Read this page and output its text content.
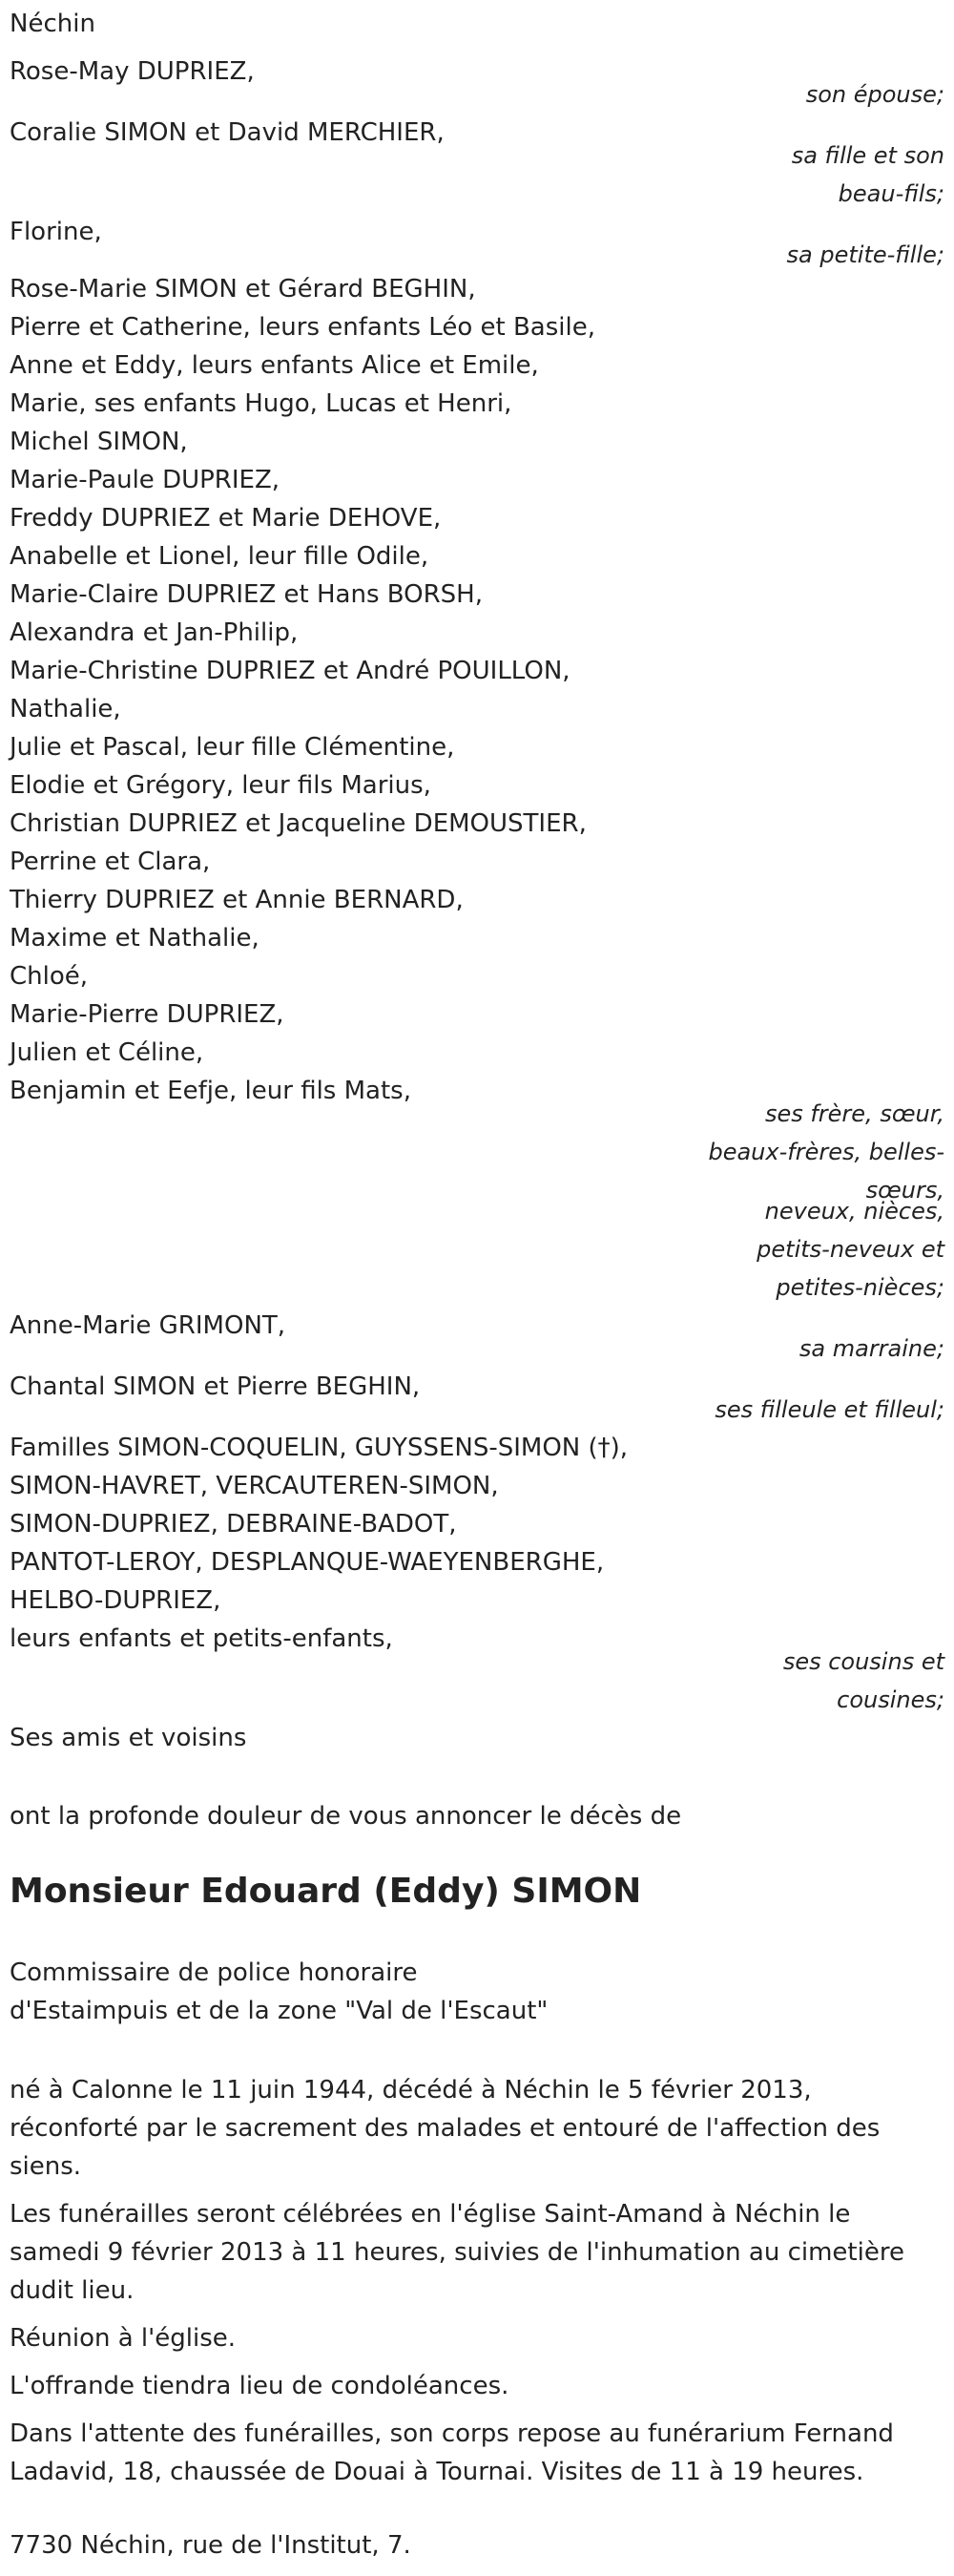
Néchin
Rose-May DUPRIEZ,
son épouse;
Coralie SIMON et David MERCHIER,
sa fille et son
beau-fils;
Florine,
sa petite-fille;
Rose-Marie SIMON et Gérard BEGHIN,
Pierre et Catherine, leurs enfants Léo et Basile,
Anne et Eddy, leurs enfants Alice et Emile,
Marie, ses enfants Hugo, Lucas et Henri,
Michel SIMON,
Marie-Paule DUPRIEZ,
Freddy DUPRIEZ et Marie DEHOVE,
Anabelle et Lionel, leur fille Odile,
Marie-Claire DUPRIEZ et Hans BORSH,
Alexandra et Jan-Philip,
Marie-Christine DUPRIEZ et André POUILLON,
Nathalie,
Julie et Pascal, leur fille Clémentine,
Elodie et Grégory, leur fils Marius,
Christian DUPRIEZ et Jacqueline DEMOUSTIER,
Perrine et Clara,
Thierry DUPRIEZ et Annie BERNARD,
Maxime et Nathalie,
Chloé,
Marie-Pierre DUPRIEZ,
Julien et Céline,
Benjamin et Eefje, leur fils Mats,
ses frère, sœur,
beaux-frères, belles-
sœurs,
neveux, nièces,
petits-neveux et
petites-nièces;
Anne-Marie GRIMONT,
sa marraine;
Chantal SIMON et Pierre BEGHIN,
ses filleule et filleul;
Familles SIMON-COQUELIN, GUYSSENS-SIMON (†),
SIMON-HAVRET, VERCAUTEREN-SIMON,
SIMON-DUPRIEZ, DEBRAINE-BADOT,
PANTOT-LEROY, DESPLANQUE-WAEYENBERGHE,
HELBO-DUPRIEZ,
leurs enfants et petits-enfants,
ses cousins et
cousines;
Ses amis et voisins
ont la profonde douleur de vous annoncer le décès de
Monsieur Edouard (Eddy) SIMON
Commissaire de police honoraire
d'Estaimpuis et de la zone "Val de l'Escaut"
né à Calonne le 11 juin 1944, décédé à Néchin le 5 février 2013, réconforté par le sacrement des malades et entouré de l'affection des siens.
Les funérailles seront célébrées en l'église Saint-Amand à Néchin le samedi 9 février 2013 à 11 heures, suivies de l'inhumation au cimetière dudit lieu.
Réunion à l'église.
L'offrande tiendra lieu de condoléances.
Dans l'attente des funérailles, son corps repose au funérarium Fernand Ladavid, 18, chaussée de Douai à Tournai. Visites de 11 à 19 heures.
7730 Néchin, rue de l'Institut, 7.
